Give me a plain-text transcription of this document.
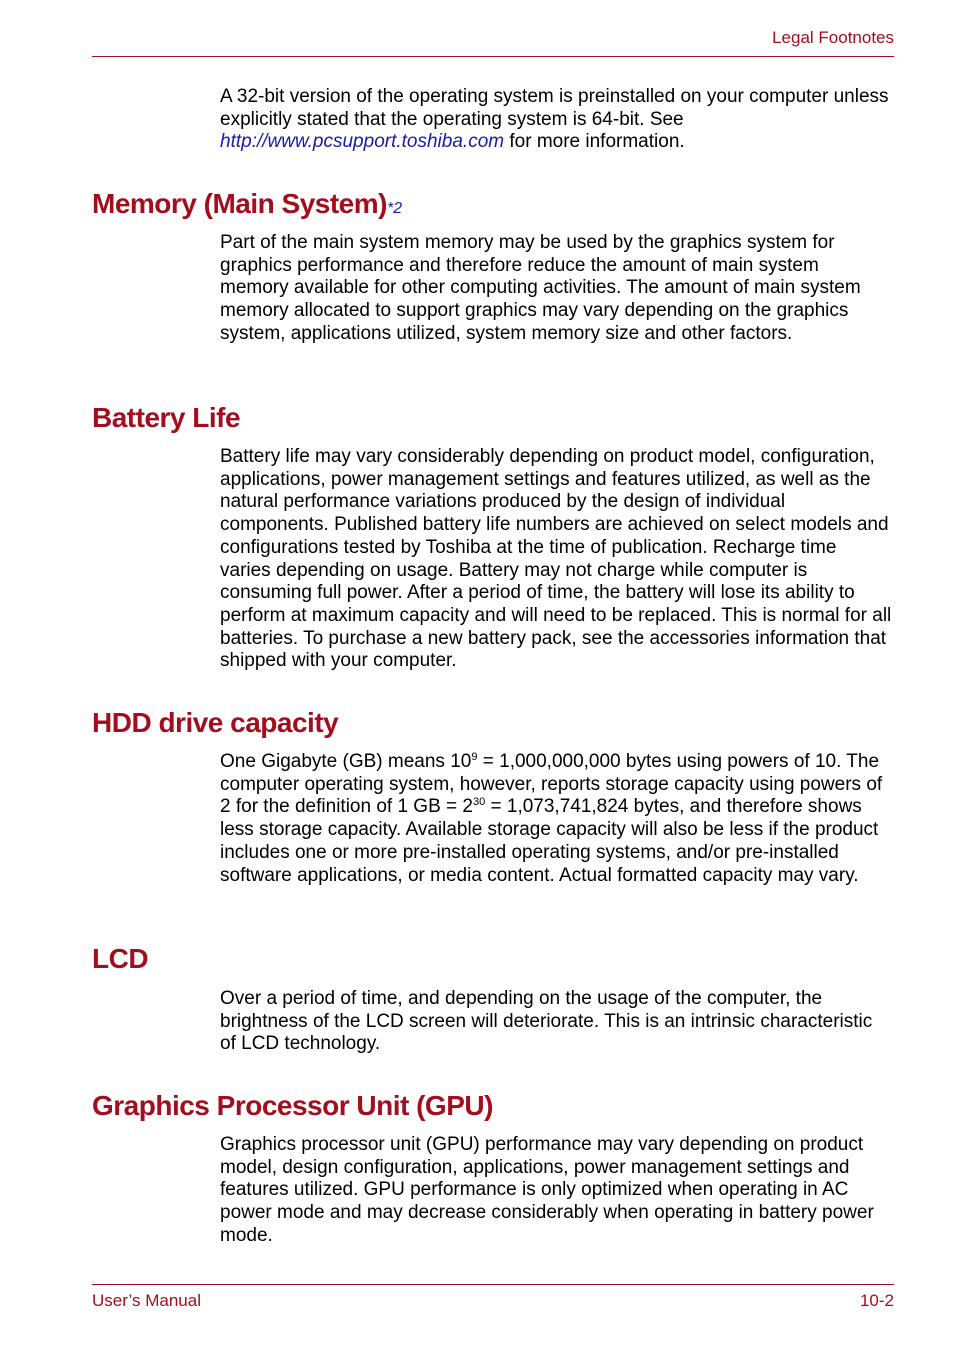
Legal Footnotes

A 32-bit version of the operating system is preinstalled on your computer unless explicitly stated that the operating system is 64-bit. See http://www.pcsupport.toshiba.com for more information.

Memory (Main System)*2

Part of the main system memory may be used by the graphics system for graphics performance and therefore reduce the amount of main system memory available for other computing activities. The amount of main system memory allocated to support graphics may vary depending on the graphics system, applications utilized, system memory size and other factors.

Battery Life

Battery life may vary considerably depending on product model, configuration, applications, power management settings and features utilized, as well as the natural performance variations produced by the design of individual components. Published battery life numbers are achieved on select models and configurations tested by Toshiba at the time of publication. Recharge time varies depending on usage. Battery may not charge while computer is consuming full power. After a period of time, the battery will lose its ability to perform at maximum capacity and will need to be replaced. This is normal for all batteries. To purchase a new battery pack, see the accessories information that shipped with your computer.

HDD drive capacity

One Gigabyte (GB) means $10^9 = 1,000,000,000$ bytes using powers of 10. The computer operating system, however, reports storage capacity using powers of 2 for the definition of 1 GB = $2^{30} = 1,073,741,824$ bytes, and therefore shows less storage capacity. Available storage capacity will also be less if the product includes one or more pre-installed operating systems, and/or pre-installed software applications, or media content. Actual formatted capacity may vary.

LCD

Over a period of time, and depending on the usage of the computer, the brightness of the LCD screen will deteriorate. This is an intrinsic characteristic of LCD technology.

Graphics Processor Unit (GPU)

Graphics processor unit (GPU) performance may vary depending on product model, design configuration, applications, power management settings and features utilized. GPU performance is only optimized when operating in AC power mode and may decrease considerably when operating in battery power mode.

User’s Manual	10-2
